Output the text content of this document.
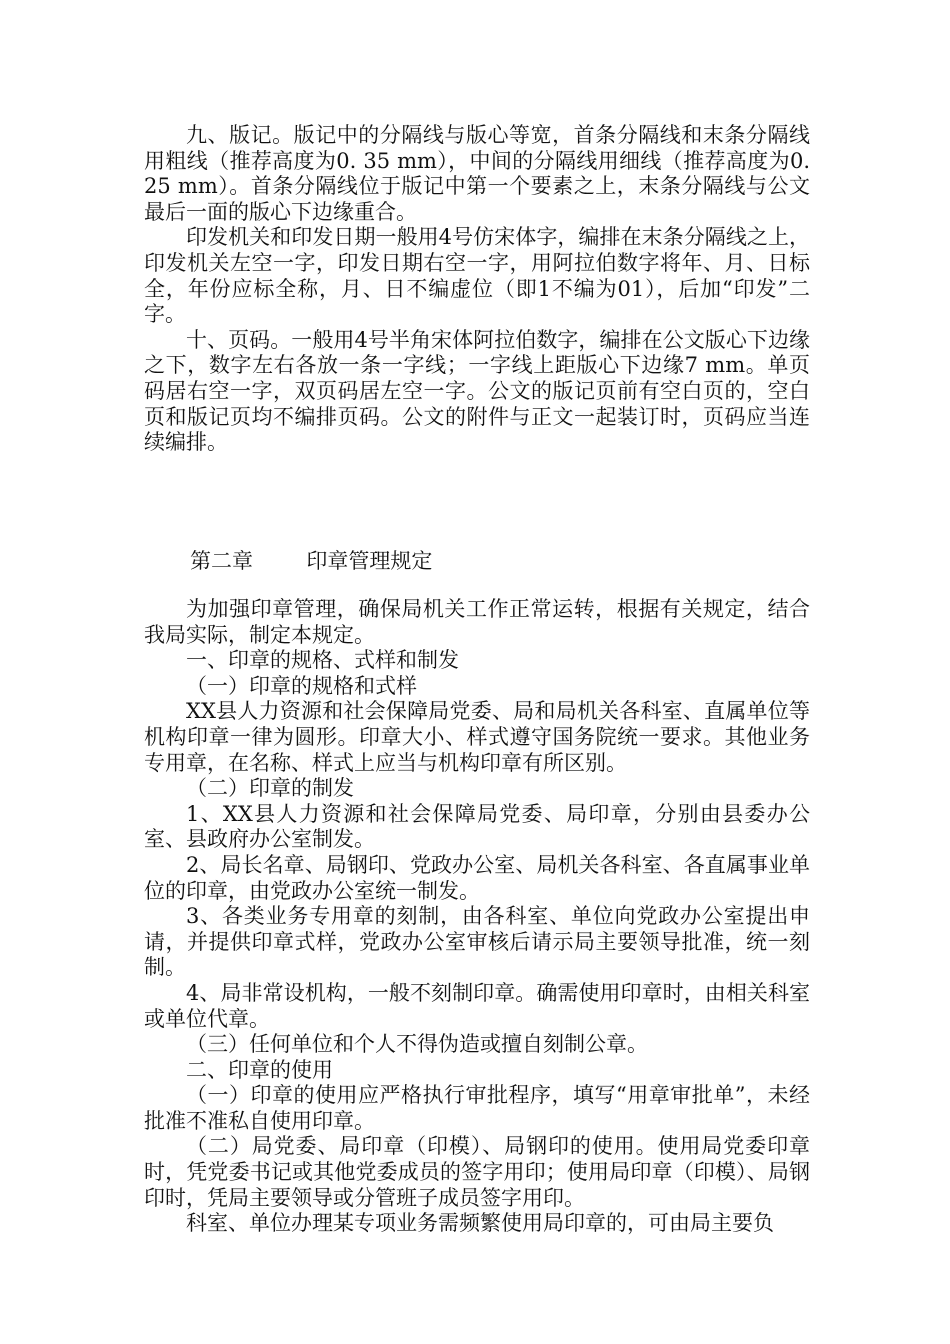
九、版记。版记中的分隔线与版心等宽，首条分隔线和末条分隔线用粗线（推荐高度为0. 35 mm），中间的分隔线用细线（推荐高度为0. 25 mm）。首条分隔线位于版记中第一个要素之上，末条分隔线与公文最后一面的版心下边缘重合。

印发机关和印发日期一般用4号仿宋体字，编排在末条分隔线之上，印发机关左空一字，印发日期右空一字，用阿拉伯数字将年、月、日标全，年份应标全称，月、日不编虚位（即1不编为01），后加“印发”二字。

十、页码。一般用4号半角宋体阿拉伯数字，编排在公文版心下边缘之下，数字左右各放一条一字线；一字线上距版心下边缘7 mm。单页码居右空一字，双页码居左空一字。公文的版记页前有空白页的，空白页和版记页均不编排页码。公文的附件与正文一起装订时，页码应当连续编排。

第二章        印章管理规定

为加强印章管理，确保局机关工作正常运转，根据有关规定，结合我局实际，制定本规定。

一、印章的规格、式样和制发

（一）印章的规格和式样

XX县人力资源和社会保障局党委、局和局机关各科室、直属单位等机构印章一律为圆形。印章大小、样式遵守国务院统一要求。其他业务专用章，在名称、样式上应当与机构印章有所区别。

（二）印章的制发

1、XX县人力资源和社会保障局党委、局印章，分别由县委办公室、县政府办公室制发。

2、局长名章、局钢印、党政办公室、局机关各科室、各直属事业单位的印章，由党政办公室统一制发。

3、各类业务专用章的刻制，由各科室、单位向党政办公室提出申请，并提供印章式样，党政办公室审核后请示局主要领导批准，统一刻制。

4、局非常设机构，一般不刻制印章。确需使用印章时，由相关科室或单位代章。

（三）任何单位和个人不得伪造或擅自刻制公章。

二、印章的使用

（一）印章的使用应严格执行审批程序，填写“用章审批单”，未经批准不准私自使用印章。

（二）局党委、局印章（印模）、局钢印的使用。使用局党委印章时，凭党委书记或其他党委成员的签字用印；使用局印章（印模）、局钢印时，凭局主要领导或分管班子成员签字用印。

科室、单位办理某专项业务需频繁使用局印章的，可由局主要负
